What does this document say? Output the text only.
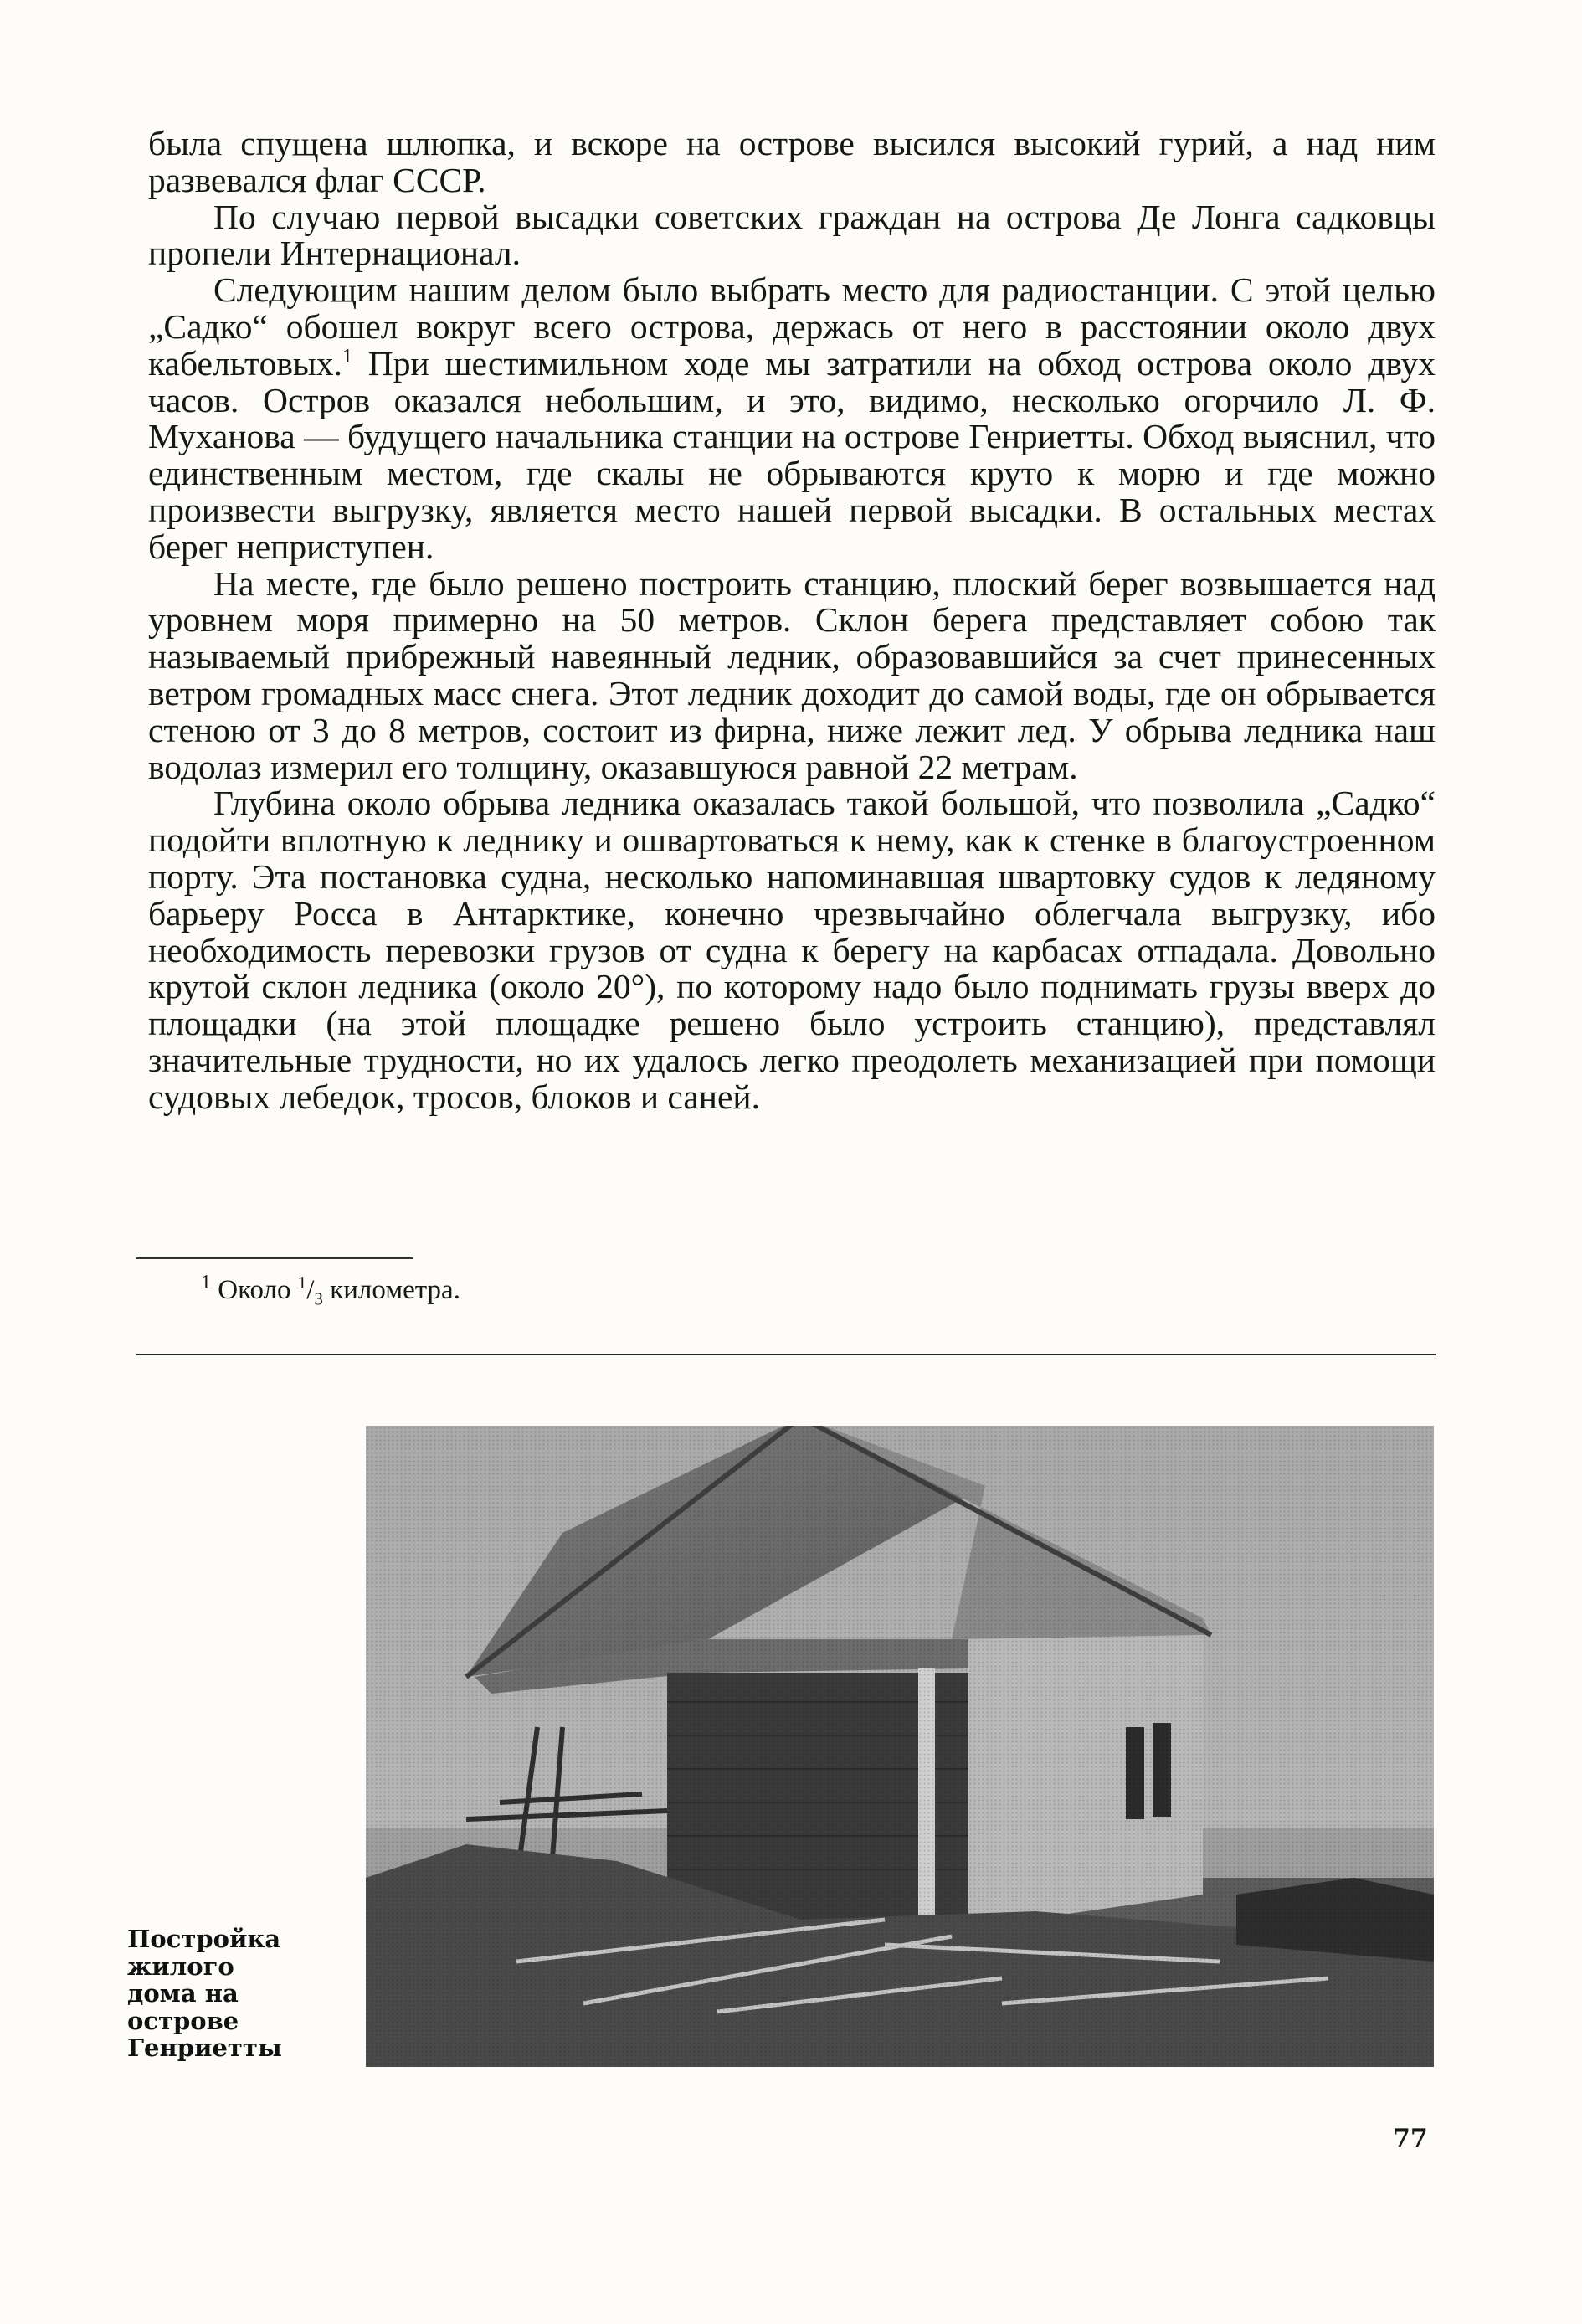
была спущена шлюпка, и вскоре на острове высился высокий гурий, а над ним развевался флаг СССР.

По случаю первой высадки советских граждан на острова Де Лонга садковцы пропели Интернационал.

Следующим нашим делом было выбрать место для радиостанции. С этой целью „Садко“ обошел вокруг всего острова, держась от него в расстоянии около двух кабельтовых.$^1$ При шестимильном ходе мы затратили на обход острова около двух часов. Остров оказался небольшим, и это, видимо, несколько огорчило Л. Ф. Муханова — будущего начальника станции на острове Генриетты. Обход выяснил, что единственным местом, где скалы не обрываются круто к морю и где можно произвести выгрузку, является место нашей первой высадки. В остальных местах берег неприступен.

На месте, где было решено построить станцию, плоский берег возвышается над уровнем моря примерно на 50 метров. Склон берега представляет собою так называемый прибрежный навеянный ледник, образовавшийся за счет принесенных ветром громадных масс снега. Этот ледник доходит до самой воды, где он обрывается стеною от 3 до 8 метров, состоит из фирна, ниже лежит лед. У обрыва ледника наш водолаз измерил его толщину, оказавшуюся равной 22 метрам.

Глубина около обрыва ледника оказалась такой большой, что позволила „Садко“ подойти вплотную к леднику и ошвартоваться к нему, как к стенке в благоустроенном порту. Эта постановка судна, несколько напоминавшая швартовку судов к ледяному барьеру Росса в Антарктике, конечно чрезвычайно облегчала выгрузку, ибо необходимость перевозки грузов от судна к берегу на карбасах отпадала. Довольно крутой склон ледника (около 20°), по которому надо было поднимать грузы вверх до площадки (на этой площадке решено было устроить станцию), представлял значительные трудности, но их удалось легко преодолеть механизацией при помощи судовых лебедок, тросов, блоков и саней.

$^1$ Около $^1/_3$ километра.
Постройка
жилого
дома на
острове
Генриетты
77
